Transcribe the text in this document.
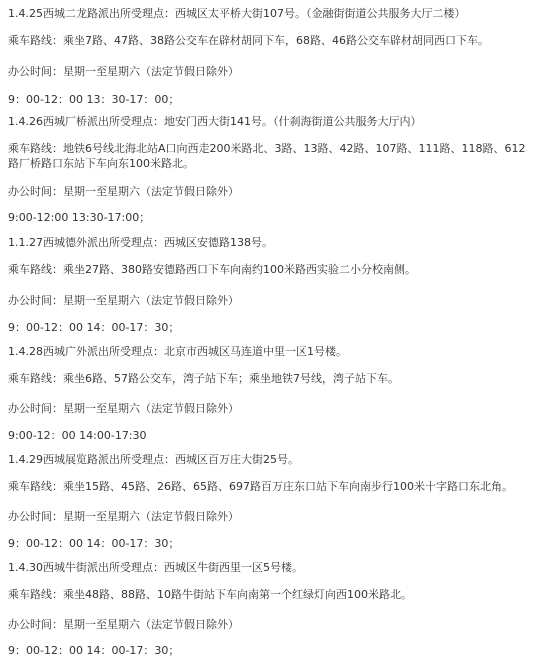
1.4.25西城二龙路派出所受理点：西城区太平桥大街107号。（金融街街道公共服务大厅二楼）
乘车路线：乘坐7路、47路、38路公交车在辟材胡同下车，68路、46路公交车辟材胡同西口下车。
办公时间：星期一至星期六（法定节假日除外）
9：00-12：00 13：30-17：00；
1.4.26西城厂桥派出所受理点：地安门西大街141号。（什刹海街道公共服务大厅内）
乘车路线：地铁6号线北海北站A口向西走200米路北、3路、13路、42路、107路、111路、118路、612路厂桥路口东站下车向东100米路北。
办公时间：星期一至星期六（法定节假日除外）
9:00-12:00 13:30-17:00；
1.1.27西城德外派出所受理点：西城区安德路138号。
乘车路线：乘坐27路、380路安德路西口下车向南约100米路西实验二小分校南侧。
办公时间：星期一至星期六（法定节假日除外）
9：00-12：00 14：00-17：30；
1.4.28西城广外派出所受理点：北京市西城区马连道中里一区1号楼。
乘车路线：乘坐6路、57路公交车，湾子站下车；乘坐地铁7号线，湾子站下车。
办公时间：星期一至星期六（法定节假日除外）
9:00-12：00 14:00-17:30
1.4.29西城展览路派出所受理点：西城区百万庄大街25号。
乘车路线：乘坐15路、45路、26路、65路、697路百万庄东口站下车向南步行100米十字路口东北角。
办公时间：星期一至星期六（法定节假日除外）
9：00-12：00 14：00-17：30；
1.4.30西城牛街派出所受理点：西城区牛街西里一区5号楼。
乘车路线：乘坐48路、88路、10路牛街站下车向南第一个红绿灯向西100米路北。
办公时间：星期一至星期六（法定节假日除外）
9：00-12：00 14：00-17：30；
